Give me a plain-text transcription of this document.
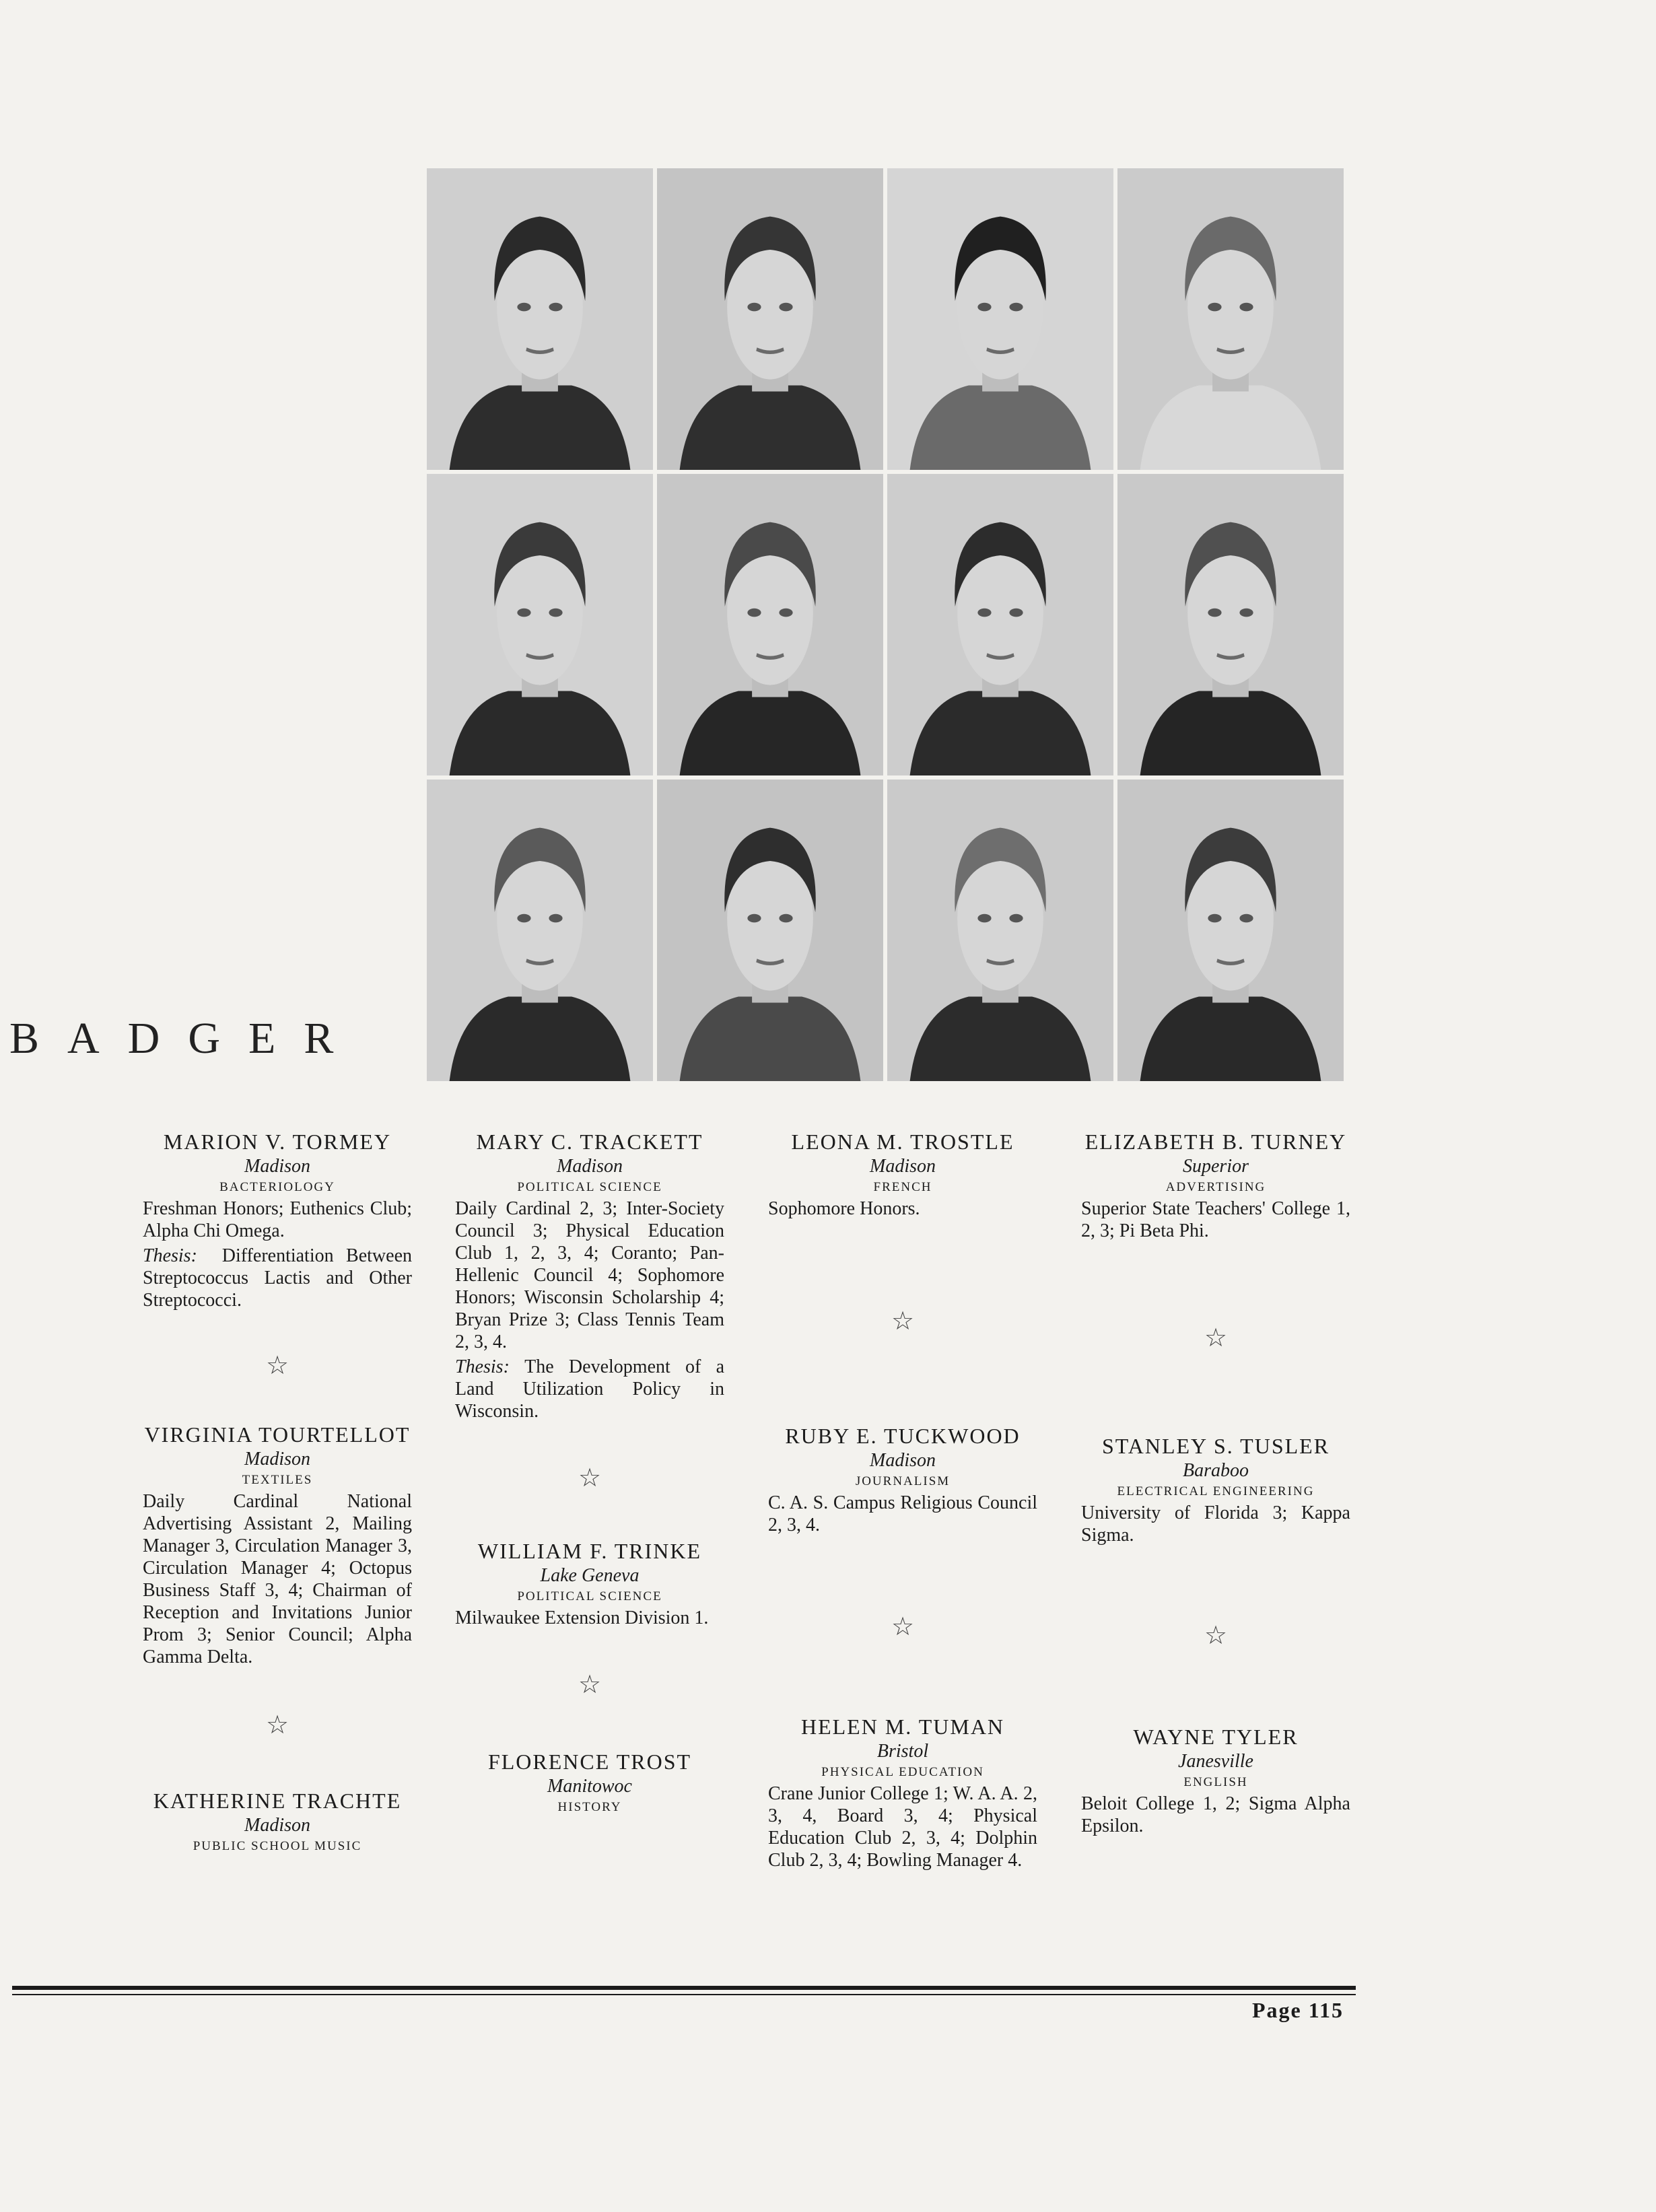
BADGER
MARION V. TORMEY
Madison
BACTERIOLOGY

Freshman Honors; Euthenics Club; Alpha Chi Omega.

Thesis: Differentiation Between Streptococcus Lactis and Other Streptococci.

☆
VIRGINIA TOURTELLOT
Madison
TEXTILES

Daily Cardinal National Advertising Assistant 2, Mailing Manager 3, Circulation Manager 3, Circulation Manager 4; Octopus Business Staff 3, 4; Chairman of Reception and Invitations Junior Prom 3; Senior Council; Alpha Gamma Delta.

☆
KATHERINE TRACHTE
Madison
PUBLIC SCHOOL MUSIC
MARY C. TRACKETT
Madison
POLITICAL SCIENCE

Daily Cardinal 2, 3; Inter-Society Council 3; Physical Education Club 1, 2, 3, 4; Coranto; Pan-Hellenic Council 4; Sophomore Honors; Wisconsin Scholarship 4; Bryan Prize 3; Class Tennis Team 2, 3, 4.

Thesis: The Development of a Land Utilization Policy in Wisconsin.

☆
WILLIAM F. TRINKE
Lake Geneva
POLITICAL SCIENCE

Milwaukee Extension Division 1.

☆
FLORENCE TROST
Manitowoc
HISTORY
LEONA M. TROSTLE
Madison
FRENCH

Sophomore Honors.

☆
RUBY E. TUCKWOOD
Madison
JOURNALISM

C. A. S. Campus Religious Council 2, 3, 4.

☆
HELEN M. TUMAN
Bristol
PHYSICAL EDUCATION

Crane Junior College 1; W. A. A. 2, 3, 4, Board 3, 4; Physical Education Club 2, 3, 4; Dolphin Club 2, 3, 4; Bowling Manager 4.

ELIZABETH B. TURNEY
Superior
ADVERTISING

Superior State Teachers' College 1, 2, 3; Pi Beta Phi.

☆
STANLEY S. TUSLER
Baraboo
ELECTRICAL ENGINEERING

University of Florida 3; Kappa Sigma.

☆
WAYNE TYLER
Janesville
ENGLISH

Beloit College 1, 2; Sigma Alpha Epsilon.

Page 115
